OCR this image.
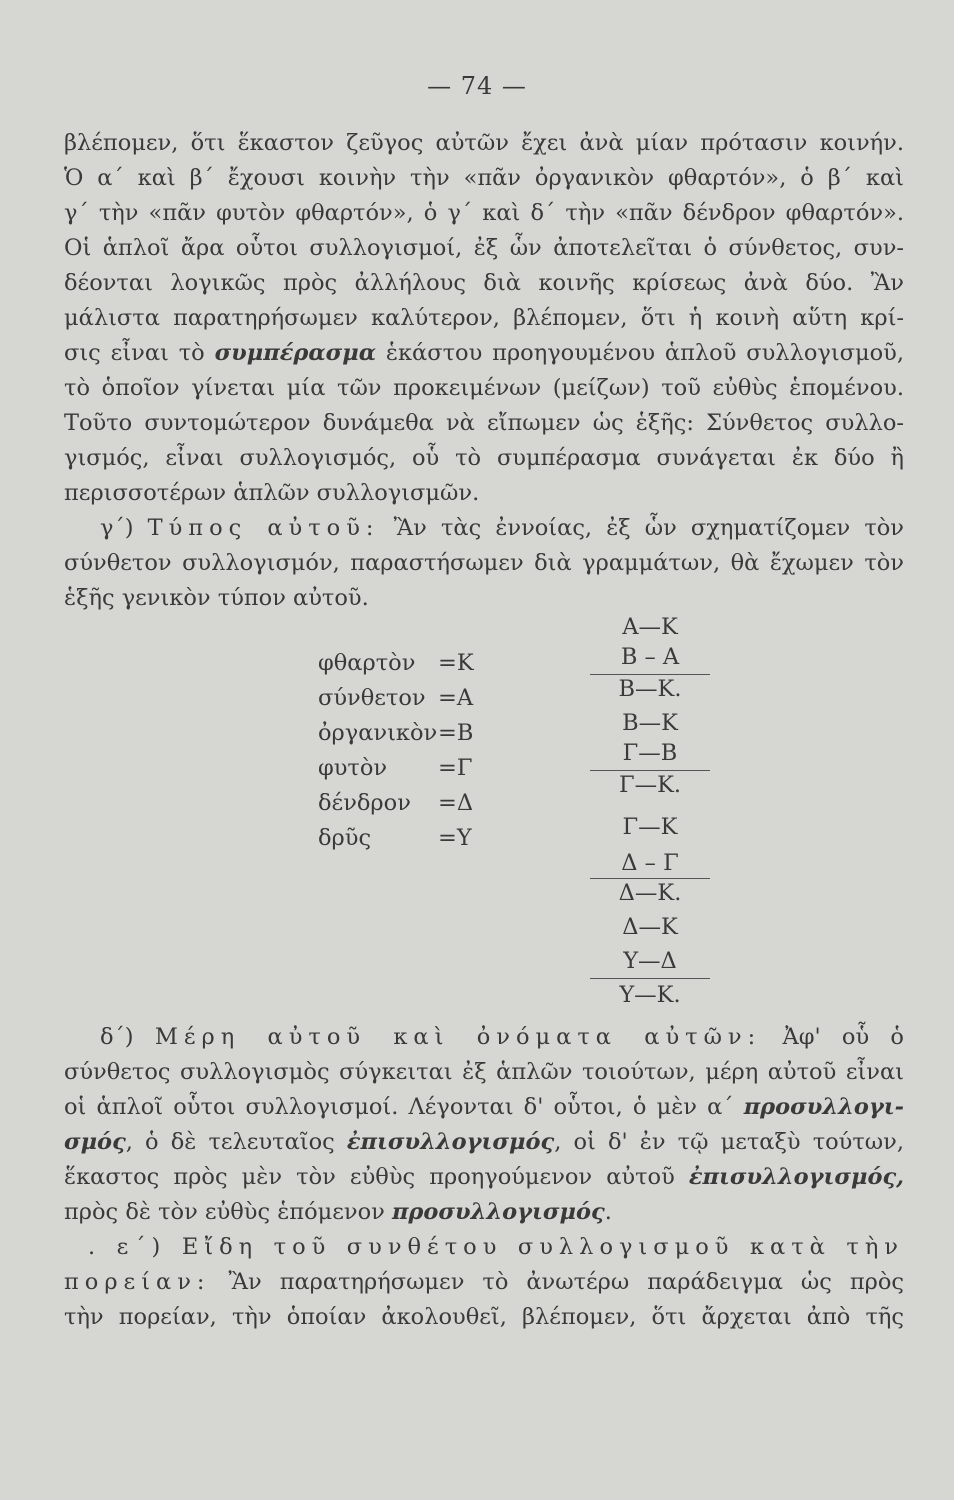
— 74 —
βλέπομεν, ὅτι ἕκαστον ζεῦγος αὐτῶν ἔχει ἀνὰ μίαν πρότασιν κοινήν.
Ὁ α΄ καὶ β΄ ἔχουσι κοινὴν τὴν «πᾶν ὀργανικὸν φθαρτόν», ὁ β΄ καὶ
γ΄ τὴν «πᾶν φυτὸν φθαρτόν», ὁ γ΄ καὶ δ΄ τὴν «πᾶν δένδρον φθαρτόν».
Οἱ ἁπλοῖ ἄρα οὗτοι συλλογισμοί, ἐξ ὧν ἀποτελεῖται ὁ σύνθετος, συν-
δέονται λογικῶς πρὸς ἀλλήλους διὰ κοινῆς κρίσεως ἀνὰ δύο. Ἂν
μάλιστα παρατηρήσωμεν καλύτερον, βλέπομεν, ὅτι ἡ κοινὴ αὕτη κρί-
σις εἶναι τὸ συμπέρασμα ἑκάστου προηγουμένου ἁπλοῦ συλλογισμοῦ,
τὸ ὁποῖον γίνεται μία τῶν προκειμένων (μείζων) τοῦ εὐθὺς ἑπομένου.
Τοῦτο συντομώτερον δυνάμεθα νὰ εἴπωμεν ὡς ἑξῆς: Σύνθετος συλλο-
γισμός, εἶναι συλλογισμός, οὗ τὸ συμπέρασμα συνάγεται ἐκ δύο ἢ
περισσοτέρων ἁπλῶν συλλογισμῶν.
γ΄) Τύπος αὐτοῦ: Ἂν τὰς ἐννοίας, ἐξ ὧν σχηματίζομεν τὸν
σύνθετον συλλογισμόν, παραστήσωμεν διὰ γραμμάτων, θὰ ἔχωμεν τὸν
ἑξῆς γενικὸν τύπον αὐτοῦ.
φθαρτὸν =Κ
σύνθετον =Α
ὀργανικὸν=Β
φυτὸν =Γ
δένδρον =Δ
δρῦς	=Υ
Α—Κ
Β – Α
Β—Κ.
Β—Κ
Γ—Β
Γ—Κ.
Γ—Κ
Δ – Γ
Δ—Κ.
Δ—Κ
Υ—Δ
Υ—Κ.
δ΄) Μέρη αὐτοῦ καὶ ὀνόματα αὐτῶν: Ἀφ' οὗ ὁ
σύνθετος συλλογισμὸς σύγκειται ἐξ ἁπλῶν τοιούτων, μέρη αὐτοῦ εἶναι
οἱ ἁπλοῖ οὗτοι συλλογισμοί. Λέγονται δ' οὗτοι, ὁ μὲν α΄ προσυλλογι-
σμός, ὁ δὲ τελευταῖος ἐπισυλλογισμός, οἱ δ' ἐν τῷ μεταξὺ τούτων,
ἕκαστος πρὸς μὲν τὸν εὐθὺς προηγούμενον αὐτοῦ ἐπισυλλογισμός,
πρὸς δὲ τὸν εὐθὺς ἑπόμενον προσυλλογισμός.
. ε΄) Εἴδη τοῦ συνθέτου συλλογισμοῦ κατὰ τὴν
πορείαν: Ἂν παρατηρήσωμεν τὸ ἀνωτέρω παράδειγμα ὡς πρὸς
τὴν πορείαν, τὴν ὁποίαν ἀκολουθεῖ, βλέπομεν, ὅτι ἄρχεται ἀπὸ τῆς
